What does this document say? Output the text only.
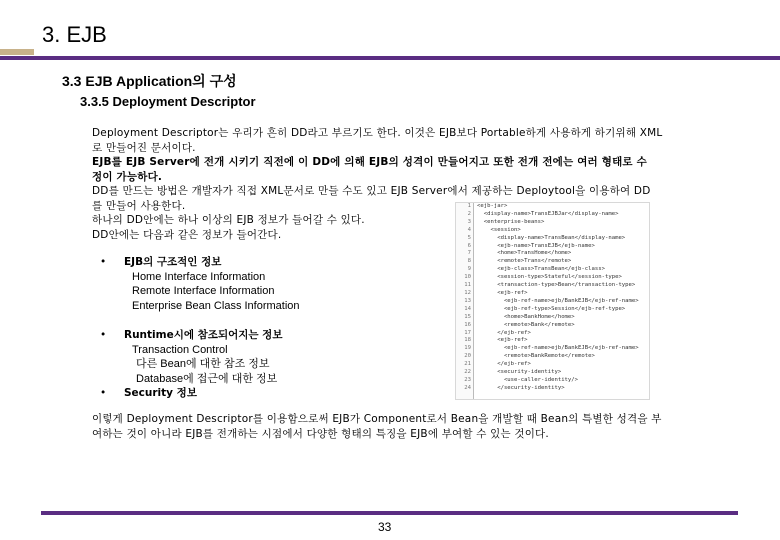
3. EJB
3.3 EJB Application의 구성
3.3.5 Deployment Descriptor

Deployment Descriptor는 우리가 흔히 DD라고 부르기도 한다. 이것은 EJB보다 Portable하게 사용하게 하기위해 XML

로 만들어진 문서이다.

EJB를 EJB Server에 전개 시키기 직전에 이 DD에 의해 EJB의 성격이 만들어지고 또한 전개 전에는 여러 형태로 수

정이 가능하다.

DD를 만드는 방법은 개발자가 직접 XML문서로 만들 수도 있고 EJB Server에서 제공하는 Deploytool을 이용하여 DD

를 만들어 사용한다.

하나의 DD안에는 하나 이상의 EJB 정보가 들어갈 수 있다.

DD안에는 다음과 같은 정보가 들어간다.

1
2
3
4
5
6
7
8
9
10
11
12
13
14
15
16
17
18
19
20
21
22
23
24
<ejb-jar>
<display-name>TransEJBJar</display-name>
<enterprise-beans>
<session>
<display-name>TransBean</display-name>
<ejb-name>TransEJB</ejb-name>
<home>TransHome</home>
<remote>Trans</remote>
<ejb-class>TransBean</ejb-class>
<session-type>Stateful</session-type>
<transaction-type>Bean</transaction-type>
<ejb-ref>
<ejb-ref-name>ejb/BankEJB</ejb-ref-name>
<ejb-ref-type>Session</ejb-ref-type>
<home>BankHome</home>
<remote>Bank</remote>
</ejb-ref>
<ejb-ref>
<ejb-ref-name>ejb/BankEJB</ejb-ref-name>
<remote>BankRemote</remote>
</ejb-ref>
<security-identity>
<use-caller-identity/>
</security-identity>
•	EJB의 구조적인 정보
Home Interface Information
Remote Interface Information
Enterprise Bean Class Information
•	Runtime시에 참조되어지는 정보
Transaction Control
다른 Bean에 대한 참조 정보
Database에 접근에 대한 정보
•	Security 정보
이렇게 Deployment Descriptor를 이용함으로써 EJB가 Component로서 Bean을 개발할 때 Bean의 특별한 성격을 부
여하는 것이 아니라 EJB를 전개하는 시점에서 다양한 형태의 특징을 EJB에 부여할 수 있는 것이다.
33
